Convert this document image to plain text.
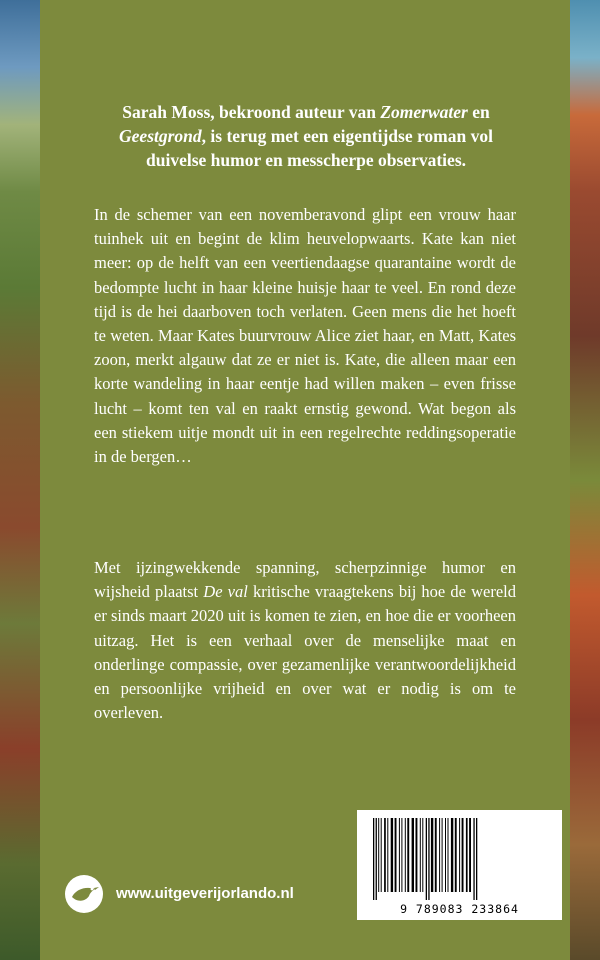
Sarah Moss, bekroond auteur van Zomerwater en
Geestgrond, is terug met een eigentijdse roman vol
duivelse humor en messcherpe observaties.
In de schemer van een novemberavond glipt een vrouw haar tuinhek uit en begint de klim heuvelopwaarts. Kate kan niet meer: op de helft van een veertiendaagse quarantaine wordt de bedompte lucht in haar kleine huisje haar te veel. En rond deze tijd is de hei daarboven toch verlaten. Geen mens die het hoeft te weten. Maar Kates buurvrouw Alice ziet haar, en Matt, Kates zoon, merkt algauw dat ze er niet is. Kate, die alleen maar een korte wandeling in haar eentje had willen maken – even frisse lucht – komt ten val en raakt ernstig gewond. Wat begon als een stiekem uitje mondt uit in een regelrechte reddingsoperatie in de bergen…
Met ijzingwekkende spanning, scherpzinnige humor en wijsheid plaatst De val kritische vraagtekens bij hoe de wereld er sinds maart 2020 uit is komen te zien, en hoe die er voorheen uitzag. Het is een verhaal over de menselijke maat en onderlinge compassie, over gezamenlijke verantwoordelijkheid en persoonlijke vrijheid en over wat er nodig is om te overleven.
www.uitgeverijorlando.nl
9 789083 233864
